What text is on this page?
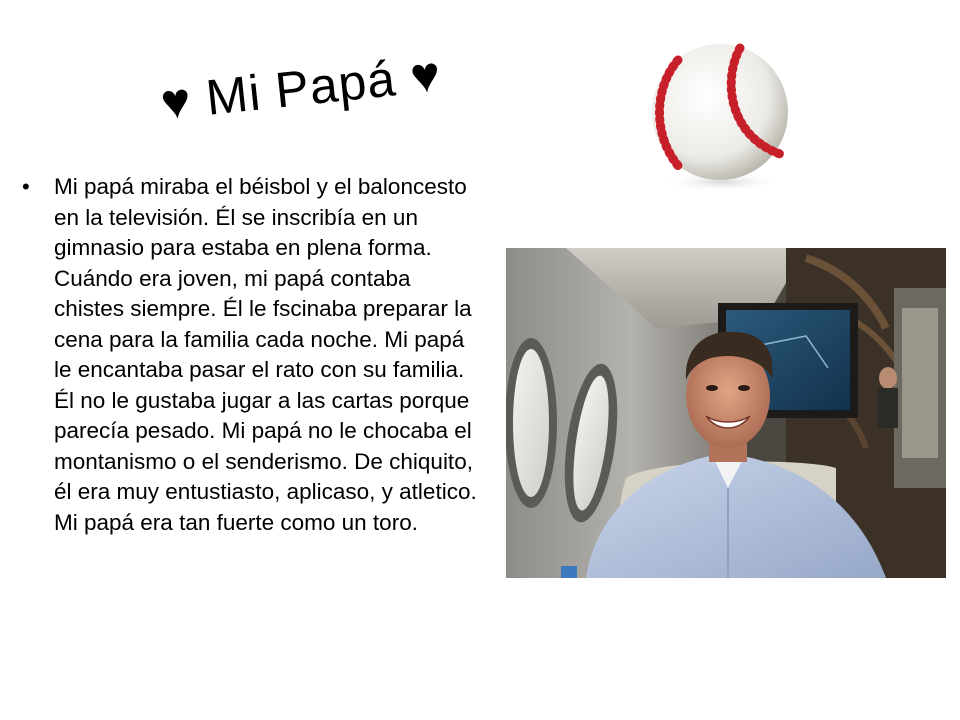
♥ Mi Papá ♥
•	Mi papá miraba el béisbol y el baloncesto en la televisión. Él se inscribía en un gimnasio para estaba en plena forma. Cuándo era joven, mi papá contaba chistes siempre. Él le fscinaba preparar la cena para la familia cada noche. Mi papá le encantaba pasar el rato con su familia. Él no le gustaba jugar a las cartas porque parecía pesado. Mi papá no le chocaba el montanismo o el senderismo. De chiquito, él era muy entustiasto, aplicaso, y atletico. Mi papá era tan fuerte como un toro.
